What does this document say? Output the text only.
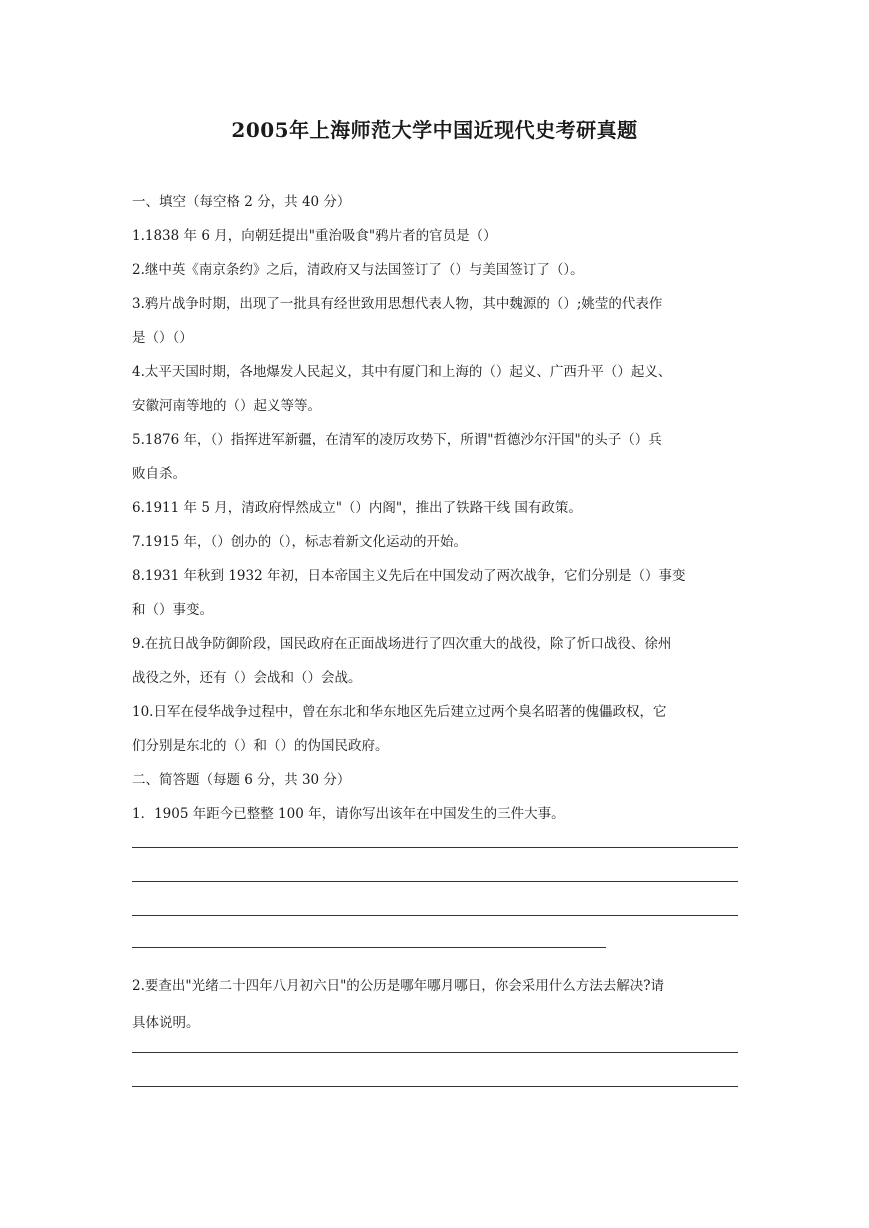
2005年上海师范大学中国近现代史考研真题
一、填空（每空格 2 分，共 40 分）
1.1838 年 6 月，向朝廷提出"重治吸食"鸦片者的官员是（）
2.继中英《南京条约》之后，清政府又与法国签订了（）与美国签订了（）。
3.鸦片战争时期，出现了一批具有经世致用思想代表人物，其中魏源的（）;姚莹的代表作
是（）（）
4.太平天国时期，各地爆发人民起义，其中有厦门和上海的（）起义、广西升平（）起义、
安徽河南等地的（）起义等等。
5.1876 年，（）指挥进军新疆，在清军的凌厉攻势下，所谓"哲德沙尔汗国"的头子（）兵
败自杀。
6.1911 年 5 月，清政府悍然成立"（）内阁"，推出了铁路干线 国有政策。
7.1915 年，（）创办的（），标志着新文化运动的开始。
8.1931 年秋到 1932 年初，日本帝国主义先后在中国发动了两次战争，它们分别是（）事变
和（）事变。
9.在抗日战争防御阶段，国民政府在正面战场进行了四次重大的战役，除了忻口战役、徐州
战役之外，还有（）会战和（）会战。
10.日军在侵华战争过程中，曾在东北和华东地区先后建立过两个臭名昭著的傀儡政权，它
们分别是东北的（）和（）的伪国民政府。
二、简答题（每题 6 分，共 30 分）
1．1905 年距今已整整 100 年，请你写出该年在中国发生的三件大事。
2.要查出"光绪二十四年八月初六日"的公历是哪年哪月哪日，你会采用什么方法去解决?请
具体说明。
